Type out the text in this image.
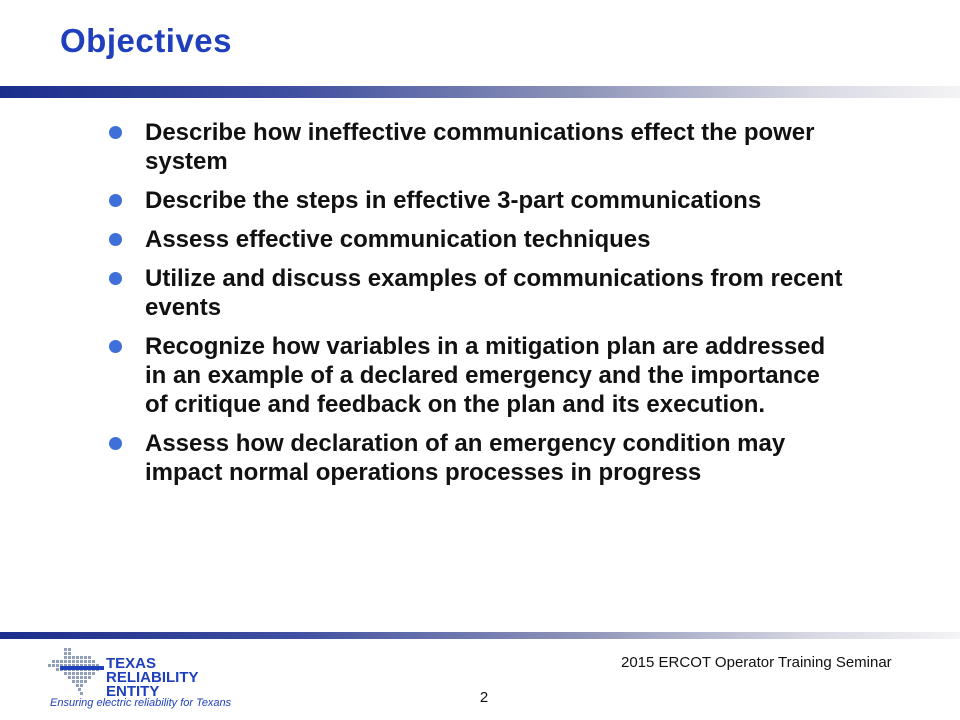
Objectives
Describe how ineffective communications effect the power system
Describe the steps in effective 3-part communications
Assess effective communication techniques
Utilize and discuss examples of communications from recent events
Recognize how variables in a mitigation plan are addressed in an example of a declared emergency and the importance of critique and feedback on the plan and its execution.
Assess how declaration of an emergency condition may impact normal operations processes in progress
TEXAS
RELIABILITY
ENTITY
Ensuring electric reliability for Texans
2015 ERCOT Operator Training Seminar
2
